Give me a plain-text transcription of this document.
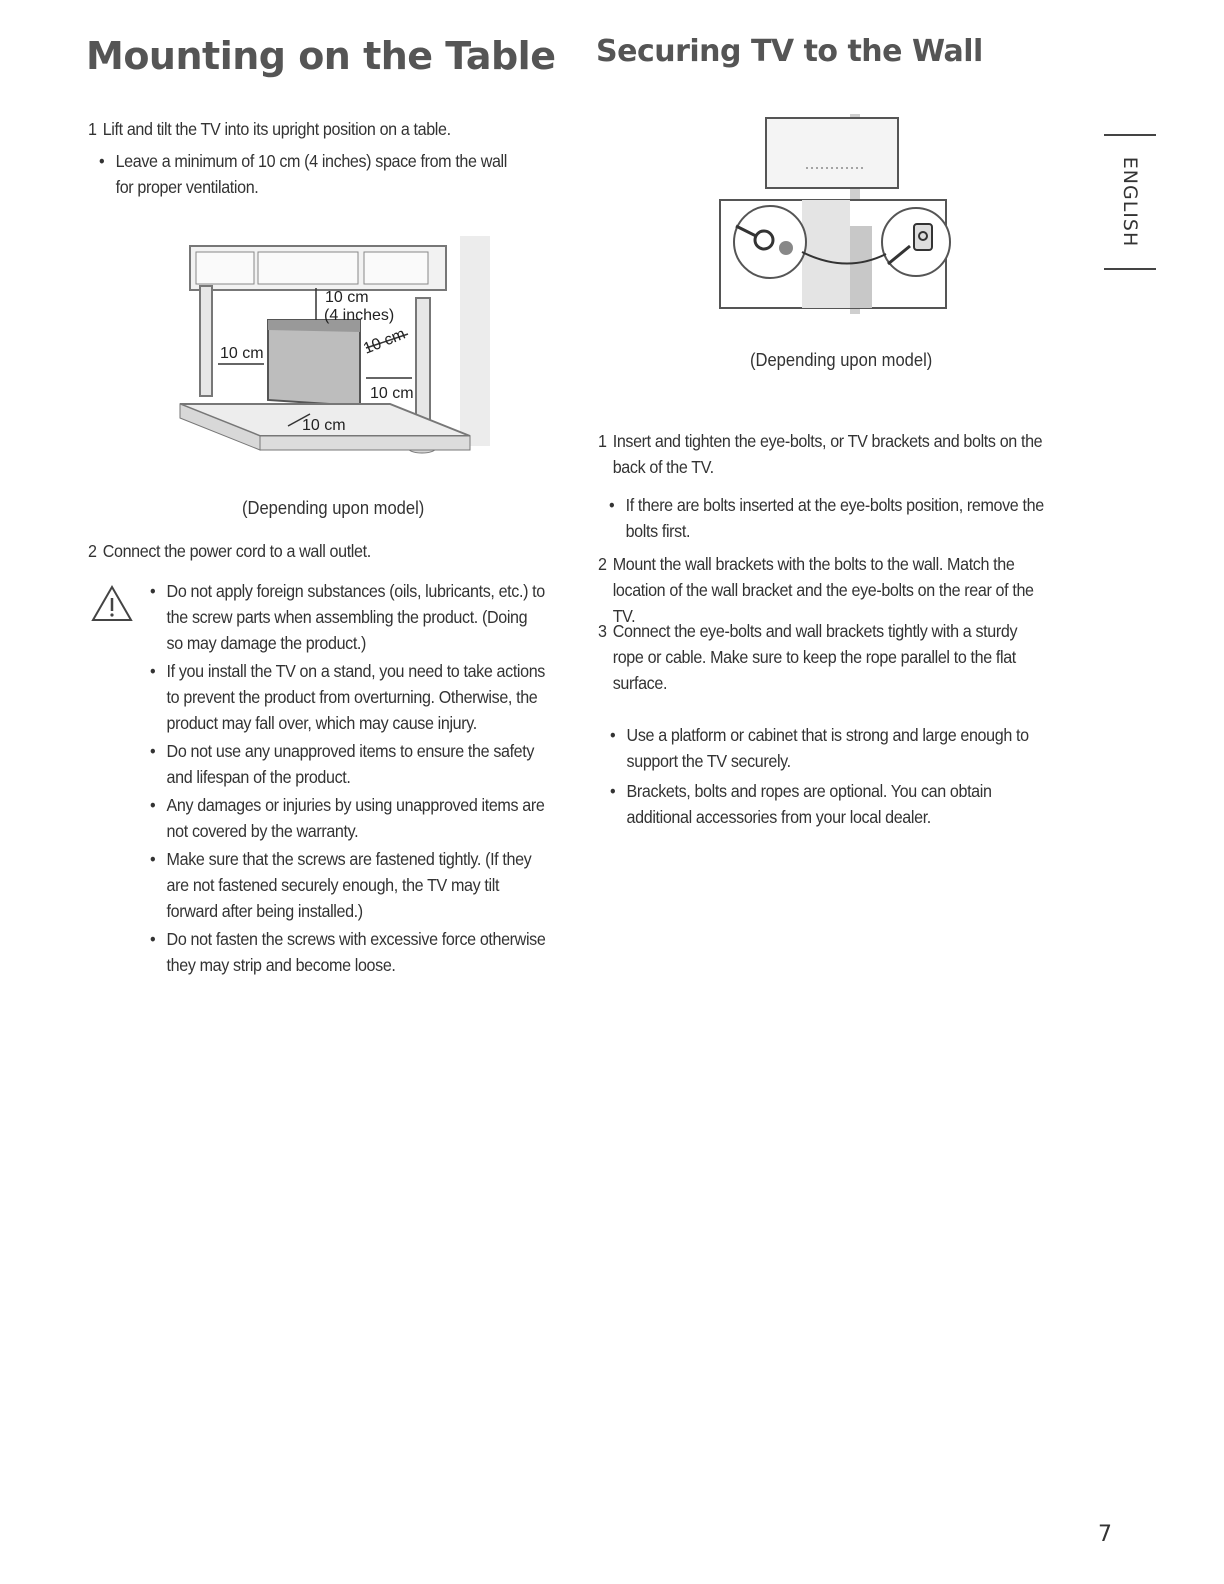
Mounting on the Table
1 Lift and tilt the TV into its upright position on a table.
• Leave a minimum of 10 cm (4 inches) space from the wall for proper ventilation.
10 cm
(4 inches)
10 cm	10 cm
10 cm
10 cm
(Depending upon model)
2 Connect the power cord to a wall outlet.
• Do not apply foreign substances (oils, lubricants, etc.) to the screw parts when assembling the product. (Doing so may damage the product.)
• If you install the TV on a stand, you need to take actions to prevent the product from overturning. Otherwise, the product may fall over, which may cause injury.
• Do not use any unapproved items to ensure the safety and lifespan of the product.
• Any damages or injuries by using unapproved items are not covered by the warranty.
• Make sure that the screws are fastened tightly. (If they are not fastened securely enough, the TV may tilt forward after being installed.)
• Do not fasten the screws with excessive force otherwise they may strip and become loose.
Securing TV to the Wall
(Depending upon model)
1 Insert and tighten the eye-bolts, or TV brackets and bolts on the back of the TV.
• If there are bolts inserted at the eye-bolts position, remove the bolts first.
2 Mount the wall brackets with the bolts to the wall. Match the location of the wall bracket and the eye-bolts on the rear of the TV.
3 Connect the eye-bolts and wall brackets tightly with a sturdy rope or cable. Make sure to keep the rope parallel to the flat surface.
• Use a platform or cabinet that is strong and large enough to support the TV securely.
• Brackets, bolts and ropes are optional. You can obtain additional accessories from your local dealer.
ENGLISH
7
